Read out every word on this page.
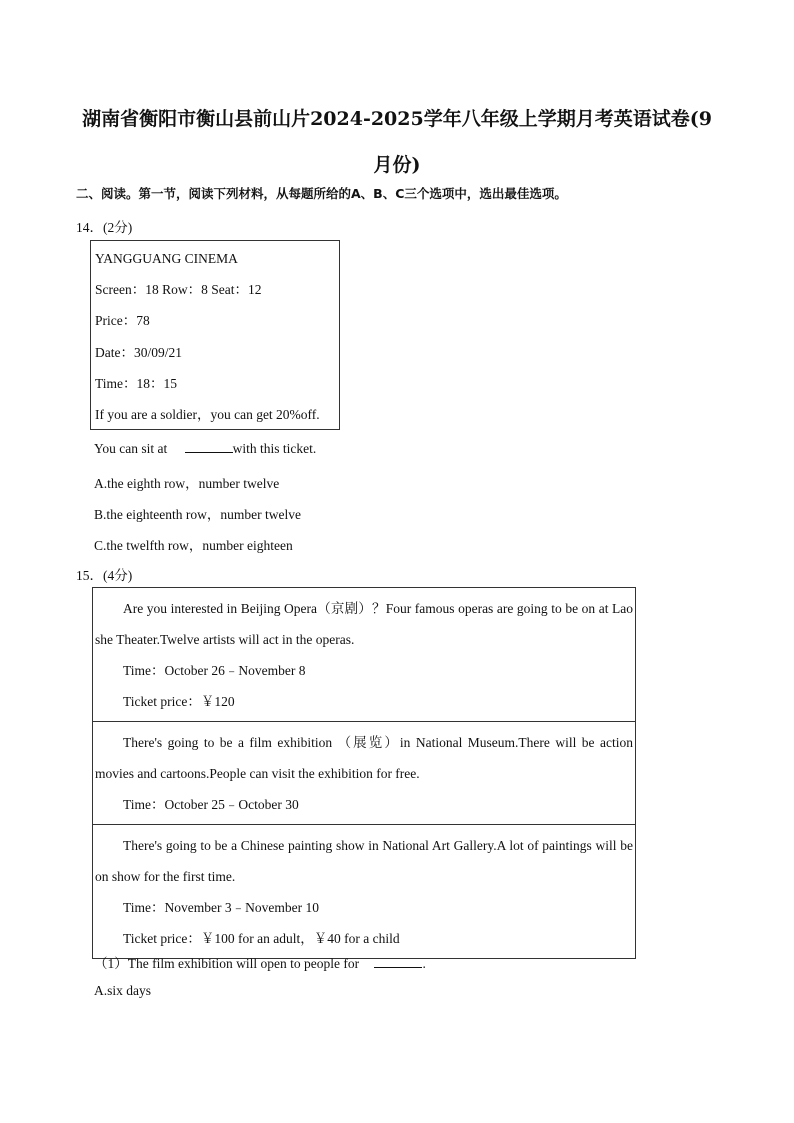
湖南省衡阳市衡山县前山片2024-2025学年八年级上学期月考英语试卷(9
月份)
二、阅读。第一节，阅读下列材料，从每题所给的A、B、C三个选项中，选出最佳选项。
14．(2分)
YANGGUANG CINEMA
Screen：18 Row：8 Seat：12
Price：78
Date：30/09/21
Time：18：15
If you are a soldier，you can get 20%off.
You can sit at	with this ticket.
A.the eighth row，number twelve
B.the eighteenth row，number twelve
C.the twelfth row，number eighteen
15．(4分)
Are you interested in Beijing Opera（京剧）？Four famous operas are going to be on at Lao she Theater.Twelve artists will act in the operas.
Time：October 26﹣November 8
Ticket price：￥120
There's going to be a film exhibition （展览）in National Museum.There will be action movies and cartoons.People can visit the exhibition for free.
Time：October 25﹣October 30
There's going to be a Chinese painting show in National Art Gallery.A lot of paintings will be on show for the first time.
Time：November 3﹣November 10
Ticket price：￥100 for an adult，￥40 for a child
（1）The film exhibition will open to people for	.
A.six days
